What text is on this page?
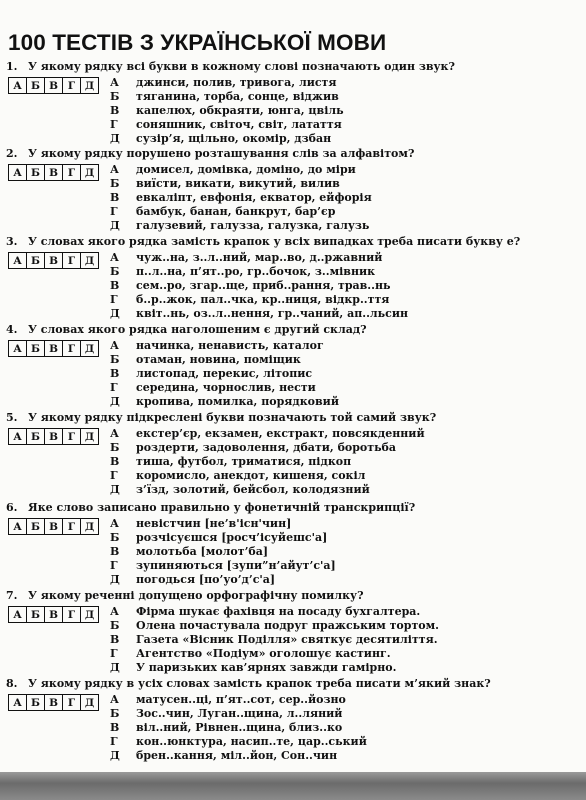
100 ТЕСТІВ З УКРАЇНСЬКОЇ МОВИ
1. У якому рядку всі букви в кожному слові позначають один звук?
А	Б	В	Г	Д А	джинси, полив, тривога, листя
Б	тяганина, торба, сонце, віджив
В	капелюх, обкраяти, юнга, цвіль
Г	соняшник, світоч, світ, латаття
Д	сузір’я, щільно, окомір, дзбан
2. У якому рядку порушено розташування слів за алфавітом?
А	Б	В	Г	Д А	домисел, домівка, доміно, до міри
Б	виїсти, викати, викутий, вилив
В	евкаліпт, евфонія, екватор, ейфорія
Г	бамбук, банан, банкрут, бар’єр
Д	галузевий, галузза, галузка, галузь
3. У словах якого рядка замість крапок у всіх випадках треба писати букву е?
А	Б	В	Г	Д А	чуж..на, з..л..ний, мар..во, д..ржавний
Б	п..л..на, п’ят..ро, гр..бочок, з..мівник
В	сем..ро, згар..ще, приб..рання, трав..нь
Г	б..р..жок, пал..чка, кр..ниця, відкр..ття
Д	квіт..нь, оз..л..нення, гр..чаний, ап..льсин
4. У словах якого рядка наголошеним є другий склад?
А	Б	В	Г	Д А	начинка, ненависть, каталог
Б	отаман, новина, поміщик
В	листопад, перекис, літопис
Г	середина, чорнослив, нести
Д	кропива, помилка, порядковий
5. У якому рядку підкреслені букви позначають той самий звук?
А	Б	В	Г	Д А	екстер’єр, екзамен, екстракт, повсякденний
Б	роздерти, задоволення, дбати, боротьба
В	тиша, футбол, триматися, підкоп
Г	коромисло, анекдот, кишеня, сокіл
Д	з’їзд, золотий, бейсбол, колодязний
6. Яке слово записано правильно у фонетичній транскрипції?
А	Б	В	Г	Д А	невістчин [не’в'існ'чин]
Б	розчісуєшся [росч’ісуйешс'а]
В	молотьба [молот’ба]
Г	зупиняються [зупи”н’айут’с'а]
Д	погодься [по’уо’д’с'а]
7. У якому реченні допущено орфографічну помилку?
А	Б	В	Г	Д А	Фірма шукає фахівця на посаду бухгалтера.
Б	Олена почастувала подруг пражським тортом.
В	Газета «Вісник Поділля» святкує десятиліття.
Г	Агентство «Подіум» оголошує кастинг.
Д	У паризьких кав’ярнях завжди гамірно.
8. У якому рядку в усіх словах замість крапок треба писати м’який знак?
А	Б	В	Г	Д А	матусен..ці, п’ят..сот, сер..йозно
Б	Зос..чин, Луган..щина, л..ляний
В	віл..ний, Рівнен..щина, близ..ко
Г	кон..юнктура, насип..те, цар..ський
Д	брен..кання, міл..йон, Сон..чин
